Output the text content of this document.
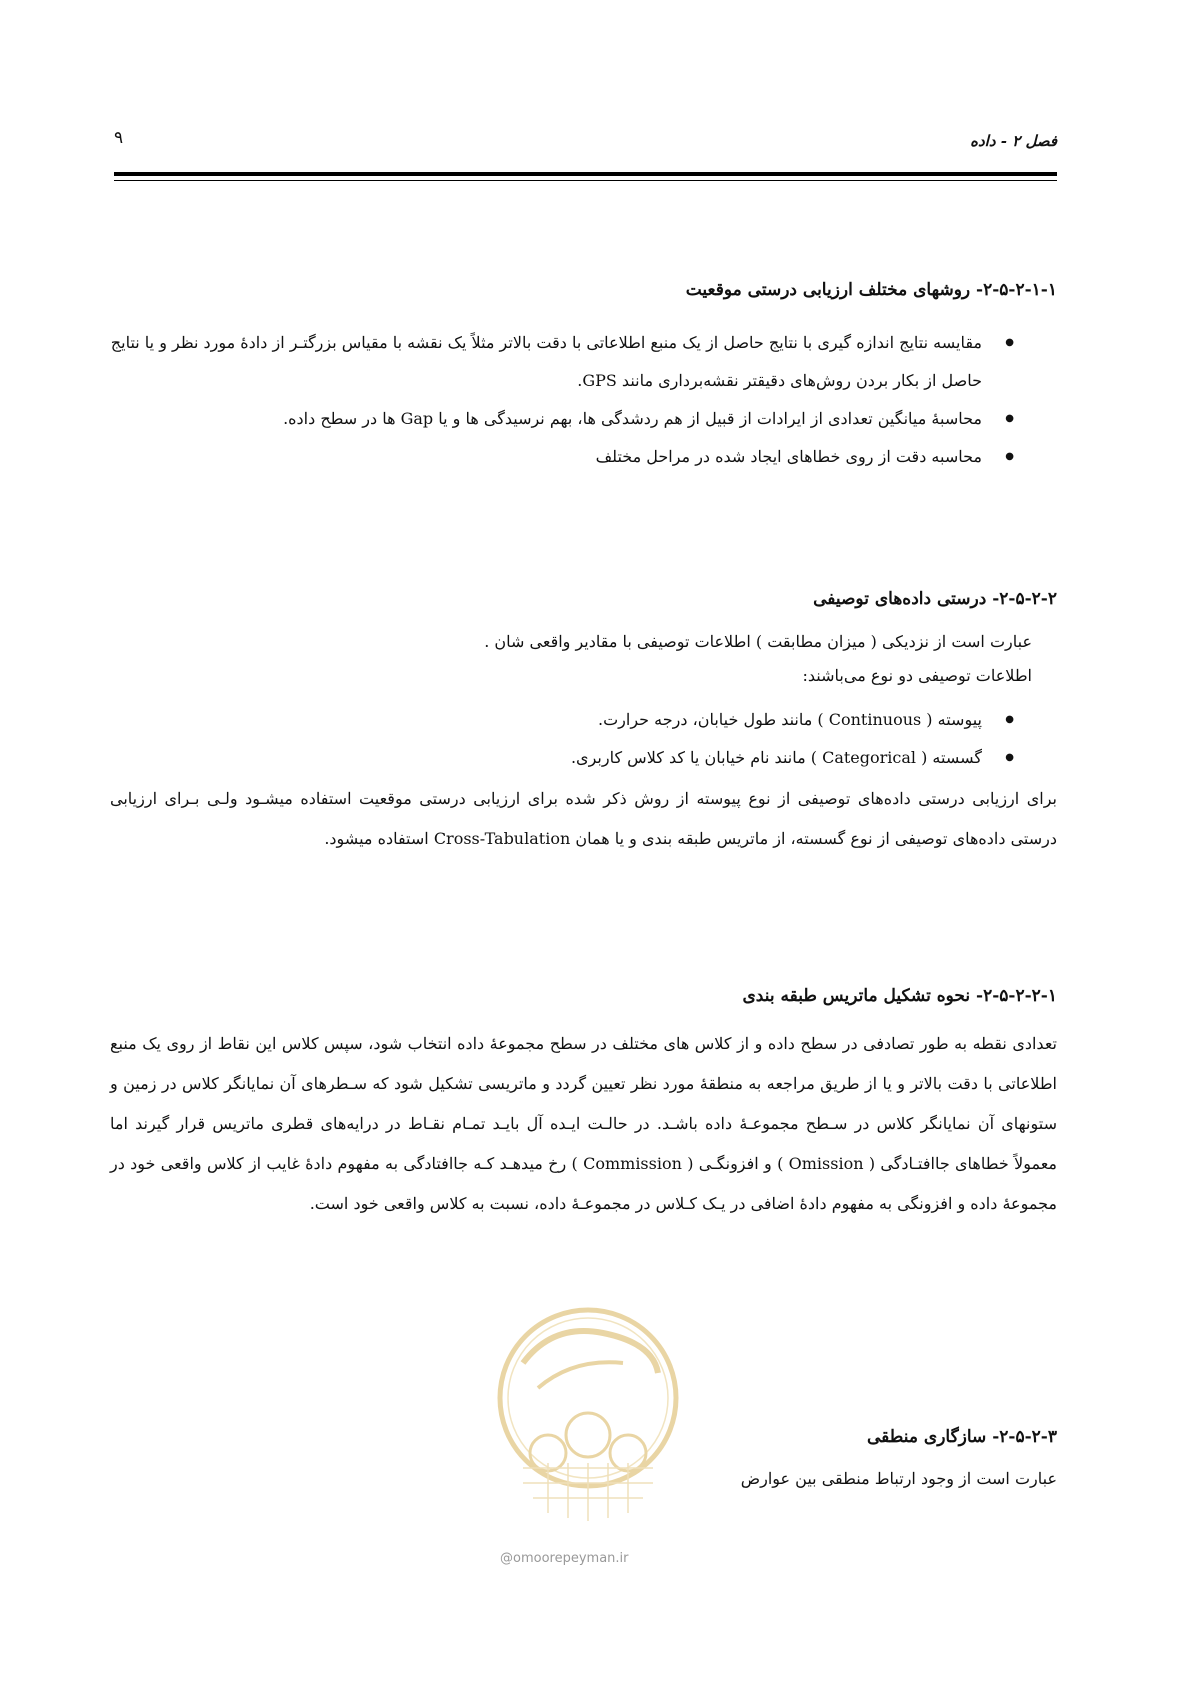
فصل ۲ - داده
۹
۲-۵-۲-۱-۱- روشهای مختلف ارزیابی درستی موقعیت
● مقایسه نتایج اندازه گیری با نتایج حاصل از یک منبع اطلاعاتی با دقت بالاتر مثلاً یک نقشه با مقیاس بزرگتـر از دادهٔ مورد نظر و یا نتایج حاصل از بکار بردن روش‌های دقیقتر نقشه‌برداری مانند GPS.
● محاسبهٔ میانگین تعدادی از ایرادات از قبیل از هم ردشدگی ها، بهم نرسیدگی ها و یا Gap ها در سطح داده.
● محاسبه دقت از روی خطاهای ایجاد شده در مراحل مختلف
۲-۵-۲-۲- درستی داده‌های توصیفی
عبارت است از نزدیکی ( میزان مطابقت ) اطلاعات توصیفی با مقادیر واقعی شان .
اطلاعات توصیفی دو نوع می‌باشند:
● پیوسته ( Continuous ) مانند طول خیابان، درجه حرارت.
● گسسته ( Categorical ) مانند نام خیابان یا کد کلاس کاربری.
برای ارزیابی درستی داده‌های توصیفی از نوع پیوسته از روش ذکر شده برای ارزیابی درستی موقعیت استفاده میشـود ولـی بـرای ارزیابی درستی داده‌های توصیفی از نوع گسسته، از ماتریس طبقه بندی و یا همان Cross-Tabulation استفاده میشود.
۲-۵-۲-۲-۱- نحوه تشکیل ماتریس طبقه بندی
تعدادی نقطه به طور تصادفی در سطح داده و از کلاس های مختلف در سطح مجموعهٔ داده انتخاب شود، سپس کلاس این نقاط از روی یک منبع اطلاعاتی با دقت بالاتر و یا از طریق مراجعه به منطقهٔ مورد نظر تعیین گردد و ماتریسی تشکیل شود که سـطرهای آن نمایانگر کلاس در زمین و ستونهای آن نمایانگر کلاس در سـطح مجموعـهٔ داده باشـد. در حالـت ایـده آل بایـد تمـام نقـاط در درایه‌های قطری ماتریس قرار گیرند اما معمولاً خطاهای جاافتـادگی ( Omission ) و افزونگـی ( Commission ) رخ میدهـد کـه جاافتادگی به مفهوم دادهٔ غایب از کلاس واقعی خود در مجموعهٔ داده و افزونگی به مفهوم دادهٔ اضافی در یـک کـلاس در مجموعـهٔ داده، نسبت به کلاس واقعی خود است.
۲-۵-۲-۳- سازگاری منطقی
عبارت است از وجود ارتباط منطقی بین عوارض
@omoorepeyman.ir
